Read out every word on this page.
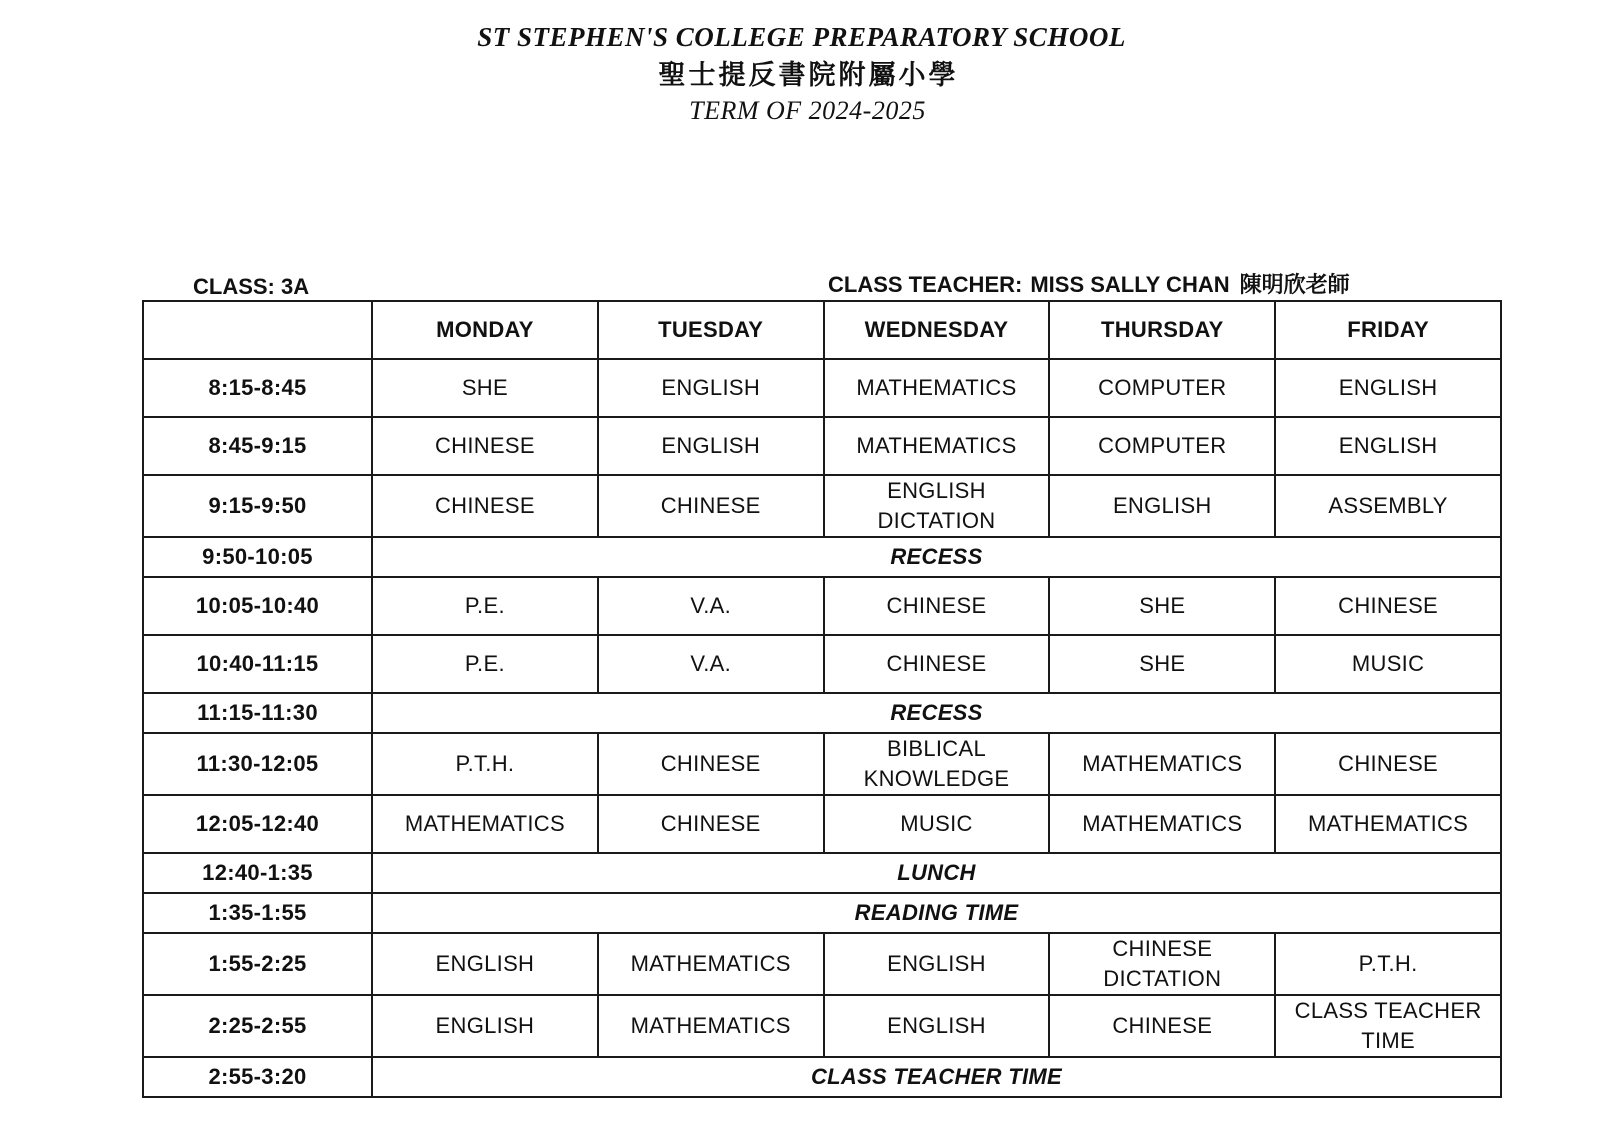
ST STEPHEN'S COLLEGE PREPARATORY SCHOOL
聖士提反書院附屬小學
TERM OF 2024-2025
CLASS: 3A	CLASS TEACHER: MISS SALLY CHAN 陳明欣老師
	MONDAY	TUESDAY	WEDNESDAY	THURSDAY	FRIDAY
8:15-8:45	SHE	ENGLISH	MATHEMATICS	COMPUTER	ENGLISH
8:45-9:15	CHINESE	ENGLISH	MATHEMATICS	COMPUTER	ENGLISH
9:15-9:50	CHINESE	CHINESE	ENGLISH DICTATION	ENGLISH	ASSEMBLY
9:50-10:05	RECESS				
10:05-10:40	P.E.	V.A.	CHINESE	SHE	CHINESE
10:40-11:15	P.E.	V.A.	CHINESE	SHE	MUSIC
11:15-11:30	RECESS				
11:30-12:05	P.T.H.	CHINESE	BIBLICAL KNOWLEDGE	MATHEMATICS	CHINESE
12:05-12:40	MATHEMATICS	CHINESE	MUSIC	MATHEMATICS	MATHEMATICS
12:40-1:35	LUNCH				
1:35-1:55	READING TIME				
1:55-2:25	ENGLISH	MATHEMATICS	ENGLISH	CHINESE DICTATION	P.T.H.
2:25-2:55	ENGLISH	MATHEMATICS	ENGLISH	CHINESE	CLASS TEACHER TIME
2:55-3:20	CLASS TEACHER TIME				
